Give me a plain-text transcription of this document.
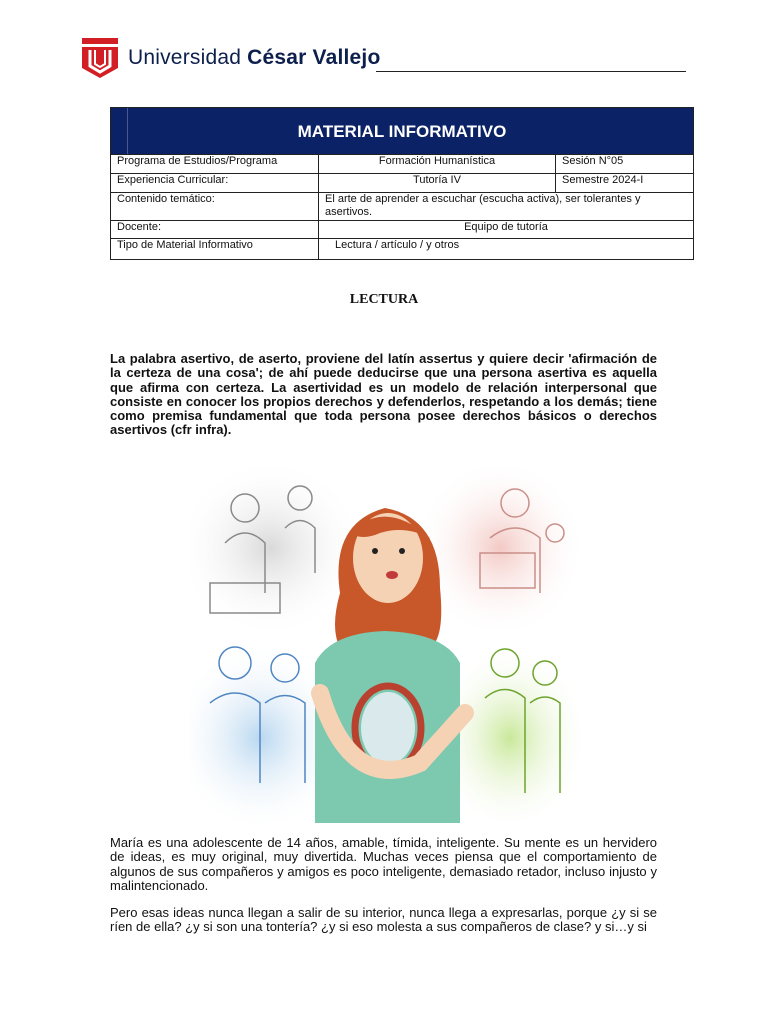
Universidad César Vallejo
MATERIAL INFORMATIVO		
Programa de Estudios/Programa	Formación Humanística	Sesión N°05
Experiencia Curricular:	Tutoría IV	Semestre 2024-I
Contenido temático:	El arte de aprender a escuchar (escucha activa), ser tolerantes y asertivos.	
Docente:	Equipo de tutoría	
Tipo de Material Informativo	Lectura / artículo / y otros	
LECTURA
La palabra asertivo, de aserto, proviene del latín assertus y quiere decir 'afirmación de la certeza de una cosa'; de ahí puede deducirse que una persona asertiva es aquella que afirma con certeza. La asertividad es un modelo de relación interpersonal que consiste en conocer los propios derechos y defenderlos, respetando a los demás; tiene como premisa fundamental que toda persona posee derechos básicos o derechos asertivos (cfr infra).
María es una adolescente de 14 años, amable, tímida, inteligente. Su mente es un hervidero de ideas, es muy original, muy divertida. Muchas veces piensa que el comportamiento de algunos de sus compañeros y amigos es poco inteligente, demasiado retador, incluso injusto y malintencionado.
Pero esas ideas nunca llegan a salir de su interior, nunca llega a expresarlas, porque ¿y si se ríen de ella? ¿y si son una tontería? ¿y si eso molesta a sus compañeros de clase? y si…y si
